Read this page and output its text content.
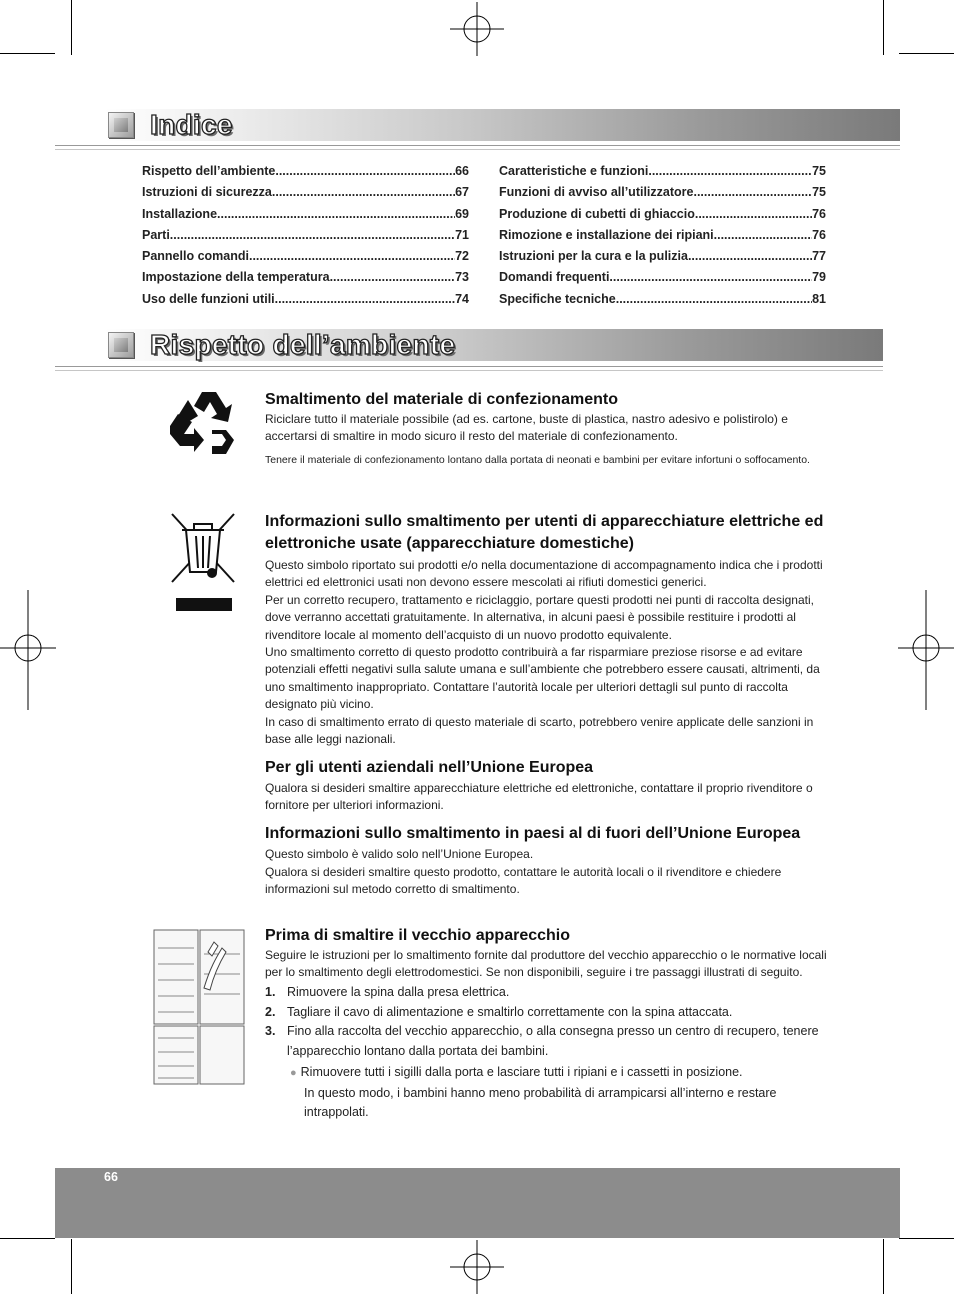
Indice
Rispetto dell’ambiente .....	66
Istruzioni di sicurezza .....	67
Installazione .....	69
Parti .....	71
Pannello comandi .....	72
Impostazione della temperatura .....	73
Uso delle funzioni utili .....	74
Caratteristiche e funzioni .....	75
Funzioni di avviso all’utilizzatore .....	75
Produzione di cubetti di ghiaccio .....	76
Rimozione e installazione dei ripiani .....	76
Istruzioni per la cura e la pulizia .....	77
Domandi frequenti .....	79
Specifiche tecniche .....	81
Rispetto dell’ambiente
Smaltimento del materiale di confezionamento
Riciclare tutto il materiale possibile (ad es. cartone, buste di plastica, nastro adesivo e polistirolo) e accertarsi di smaltire in modo sicuro il resto del materiale di confezionamento.
Tenere il materiale di confezionamento lontano dalla portata di neonati e bambini per evitare infortuni o soffocamento.
Informazioni sullo smaltimento per utenti di apparecchiature elettriche ed elettroniche usate (apparecchiature domestiche)
Questo simbolo riportato sui prodotti e/o nella documentazione di accompagnamento indica che i prodotti elettrici ed elettronici usati non devono essere mescolati ai rifiuti domestici generici.
Per un corretto recupero, trattamento e riciclaggio, portare questi prodotti nei punti di raccolta designati, dove verranno accettati gratuitamente. In alternativa, in alcuni paesi è possibile restituire i prodotti al rivenditore locale al momento dell’acquisto di un nuovo prodotto equivalente.
Uno smaltimento corretto di questo prodotto contribuirà a far risparmiare preziose risorse e ad evitare potenziali effetti negativi sulla salute umana e sull’ambiente che potrebbero essere causati, altrimenti, da uno smaltimento inappropriato. Contattare l’autorità locale per ulteriori dettagli sul punto di raccolta designato più vicino.
In caso di smaltimento errato di questo materiale di scarto, potrebbero venire applicate delle sanzioni in base alle leggi nazionali.
Per gli utenti aziendali nell’Unione Europea
Qualora si desideri smaltire apparecchiature elettriche ed elettroniche, contattare il proprio rivenditore o fornitore per ulteriori informazioni.
Informazioni sullo smaltimento in paesi al di fuori dell’Unione Europea
Questo simbolo è valido solo nell’Unione Europea.
Qualora si desideri smaltire questo prodotto, contattare le autorità locali o il rivenditore e chiedere informazioni sul metodo corretto di smaltimento.
Prima di smaltire il vecchio apparecchio
Seguire le istruzioni per lo smaltimento fornite dal produttore del vecchio apparecchio o le normative locali per lo smaltimento degli elettrodomestici. Se non disponibili, seguire i tre passaggi illustrati di seguito.
1. Rimuovere la spina dalla presa elettrica.
2. Tagliare il cavo di alimentazione e smaltirlo correttamente con la spina attaccata.
3. Fino alla raccolta del vecchio apparecchio, o alla consegna presso un centro di recupero, tenere l’apparecchio lontano dalla portata dei bambini.
● Rimuovere tutti i sigilli dalla porta e lasciare tutti i ripiani e i cassetti in posizione.
In questo modo, i bambini hanno meno probabilità di arrampicarsi all’interno e restare intrappolati.
66
